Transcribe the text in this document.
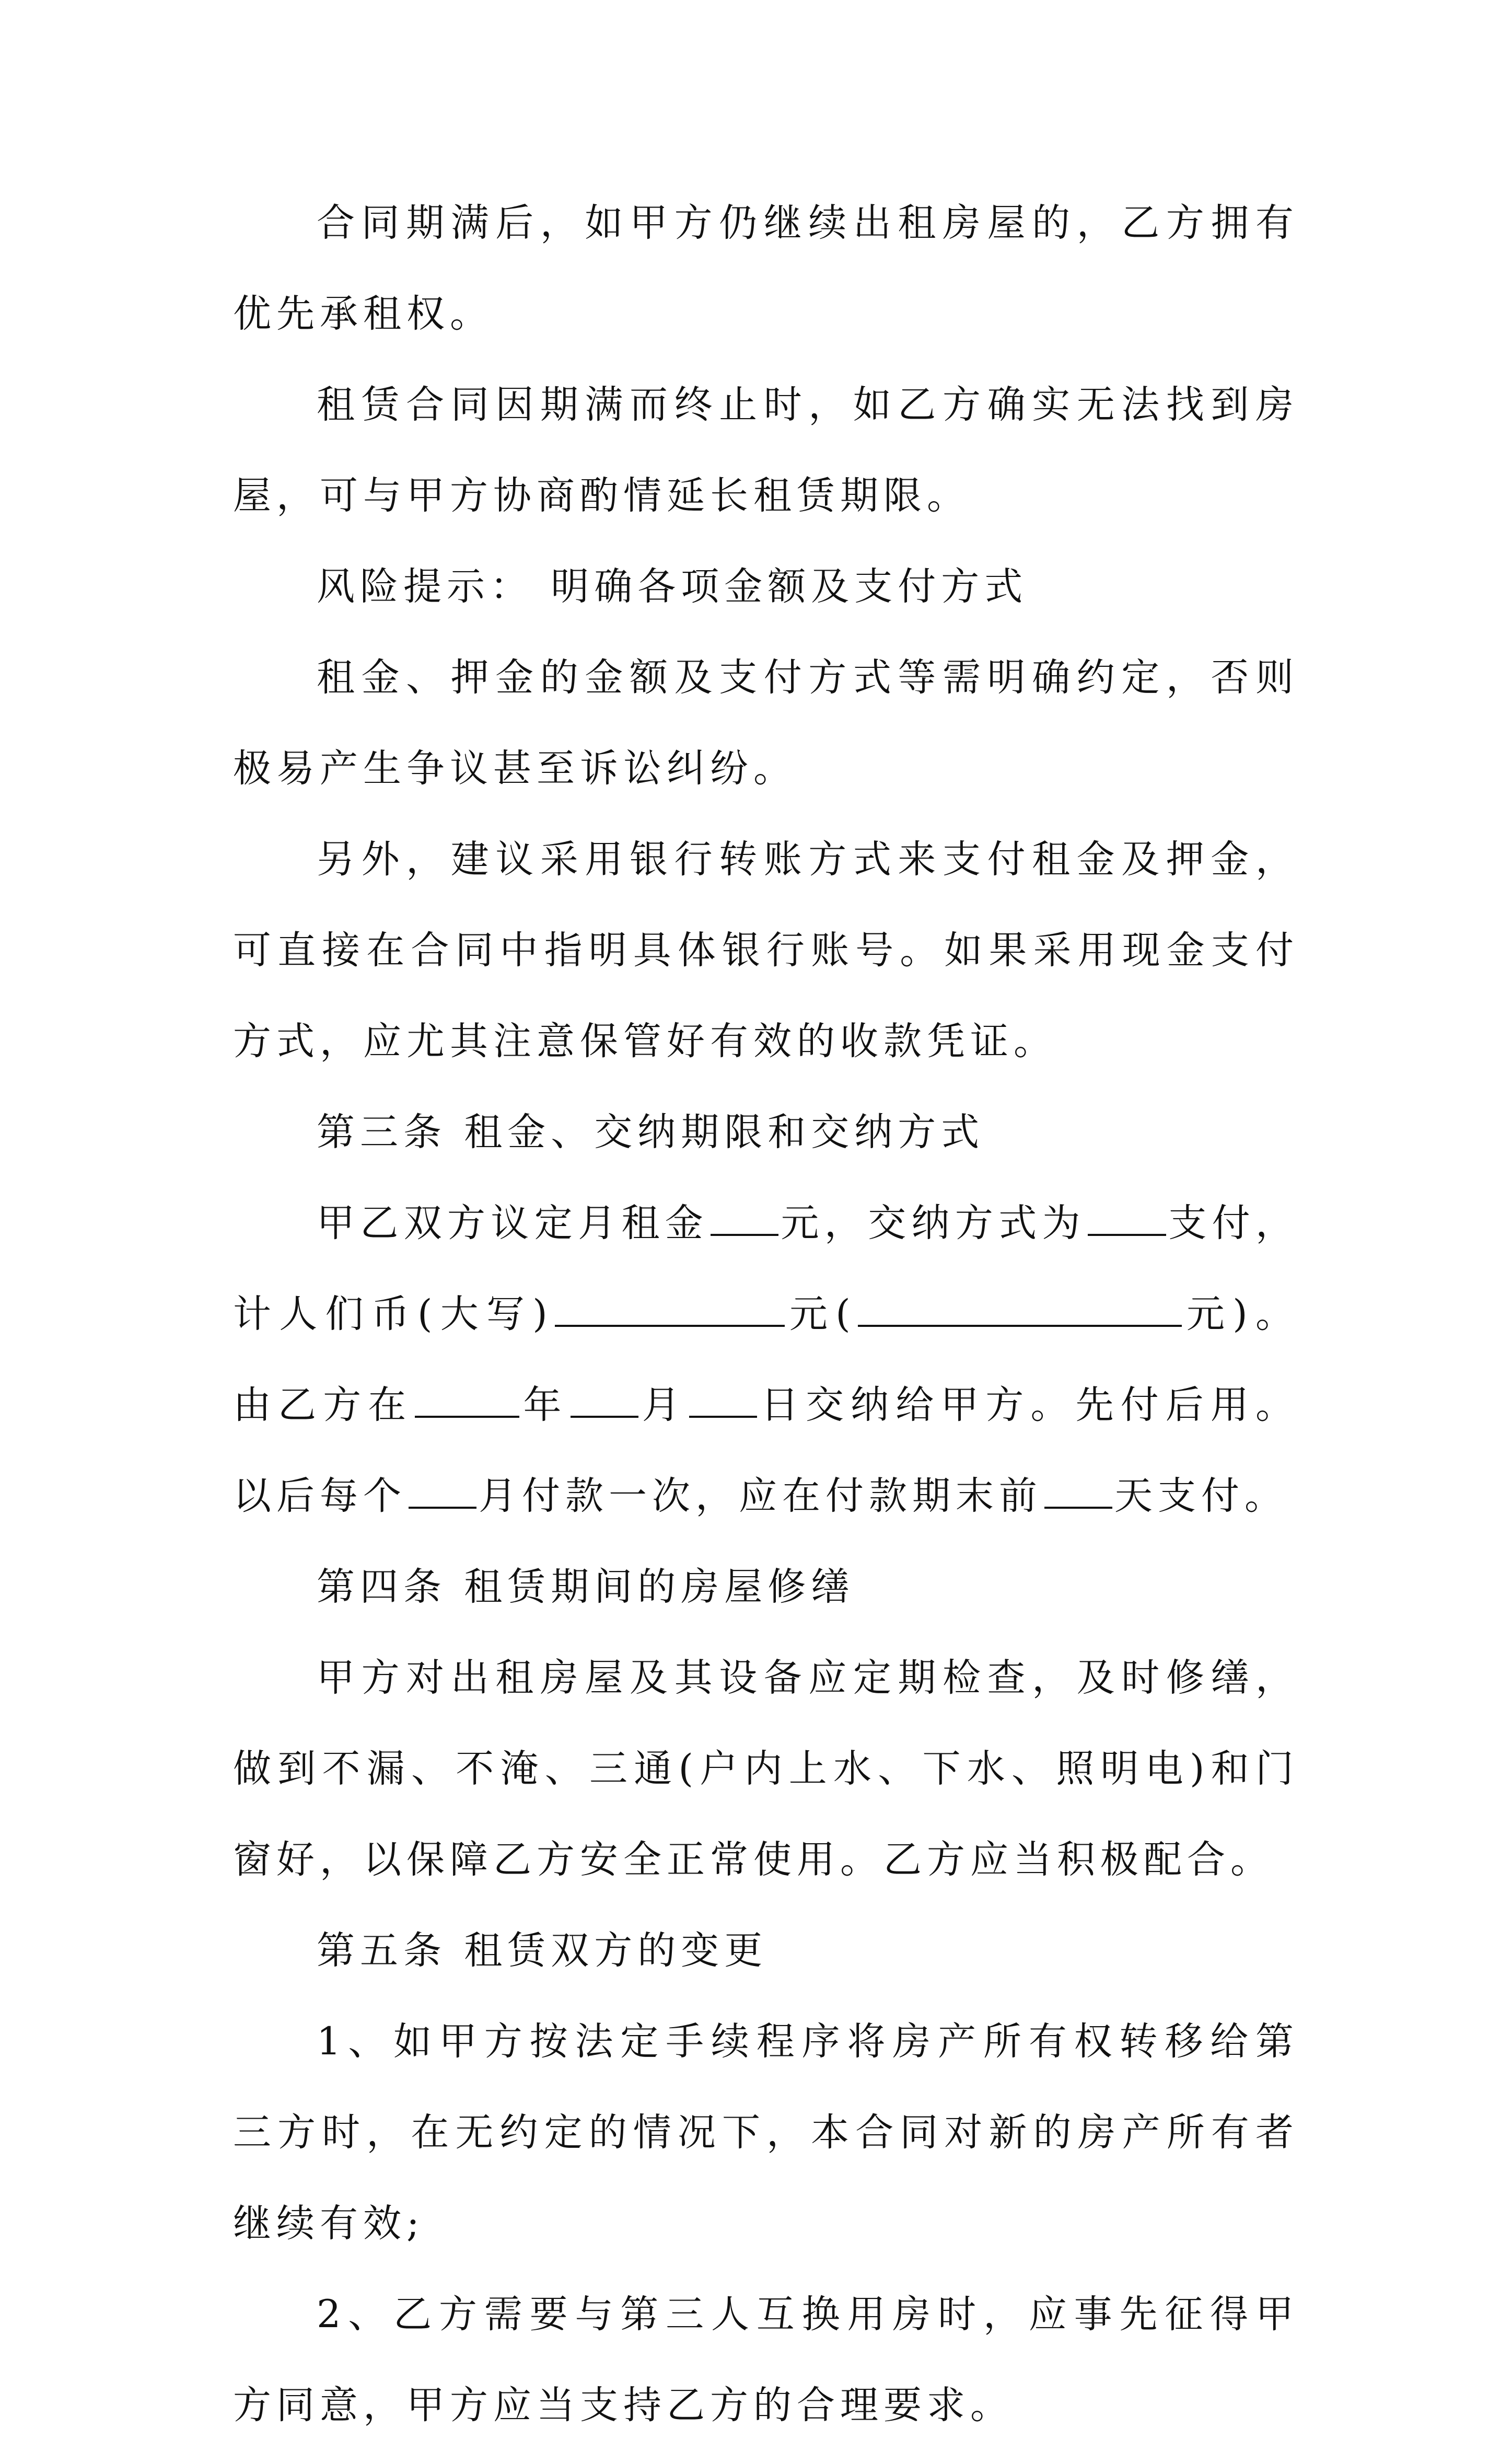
合同期满后，如甲方仍继续出租房屋的，乙方拥有优先承租权。

租赁合同因期满而终止时，如乙方确实无法找到房屋，可与甲方协商酌情延长租赁期限。

风险提示： 明确各项金额及支付方式

租金、押金的金额及支付方式等需明确约定，否则极易产生争议甚至诉讼纠纷。

另外，建议采用银行转账方式来支付租金及押金，可直接在合同中指明具体银行账号。如果采用现金支付方式，应尤其注意保管好有效的收款凭证。

第三条 租金、交纳期限和交纳方式

甲乙双方议定月租金 元，交纳方式为 支付，计人们币(大写)	元(	元)。由乙方在	年 月 日交纳给甲方。先付后用。以后每个 月付款一次，应在付款期末前 天支付。

第四条 租赁期间的房屋修缮

甲方对出租房屋及其设备应定期检查，及时修缮，做到不漏、不淹、三通(户内上水、下水、照明电)和门窗好，以保障乙方安全正常使用。乙方应当积极配合。

第五条 租赁双方的变更

1、如甲方按法定手续程序将房产所有权转移给第三方时，在无约定的情况下，本合同对新的房产所有者继续有效;

2、乙方需要与第三人互换用房时，应事先征得甲方同意，甲方应当支持乙方的合理要求。
